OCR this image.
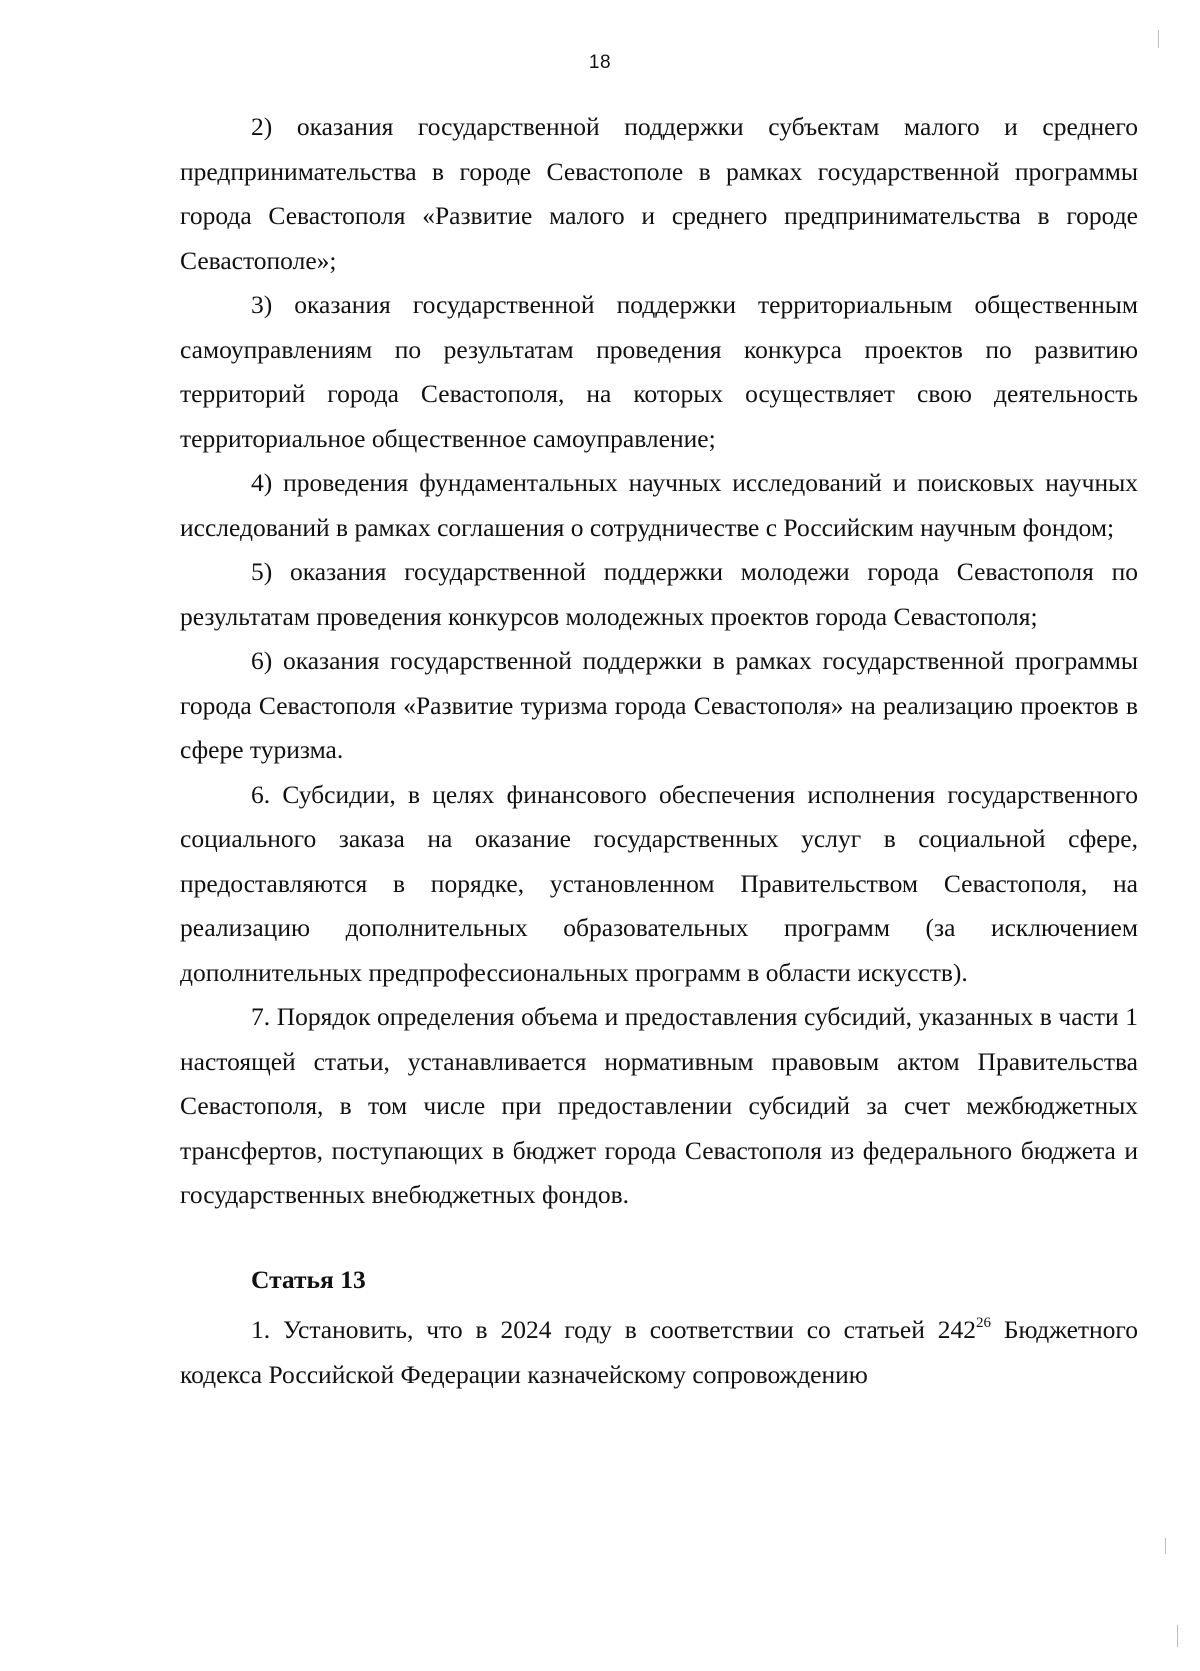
18

2) оказания государственной поддержки субъектам малого и среднего предпринимательства в городе Севастополе в рамках государственной программы города Севастополя «Развитие малого и среднего предпринимательства в городе Севастополе»;

3) оказания государственной поддержки территориальным общественным самоуправлениям по результатам проведения конкурса проектов по развитию территорий города Севастополя, на которых осуществляет свою деятельность территориальное общественное самоуправление;

4) проведения фундаментальных научных исследований и поисковых научных исследований в рамках соглашения о сотрудничестве с Российским научным фондом;

5) оказания государственной поддержки молодежи города Севастополя по результатам проведения конкурсов молодежных проектов города Севастополя;

6) оказания государственной поддержки в рамках государственной программы города Севастополя «Развитие туризма города Севастополя» на реализацию проектов в сфере туризма.

6. Субсидии, в целях финансового обеспечения исполнения государственного социального заказа на оказание государственных услуг в социальной сфере, предоставляются в порядке, установленном Правительством Севастополя, на реализацию дополнительных образовательных программ (за исключением дополнительных предпрофессиональных программ в области искусств).

7. Порядок определения объема и предоставления субсидий, указанных в части 1 настоящей статьи, устанавливается нормативным правовым актом Правительства Севастополя, в том числе при предоставлении субсидий за счет межбюджетных трансфертов, поступающих в бюджет города Севастополя из федерального бюджета и государственных внебюджетных фондов.

Статья 13

1. Установить, что в 2024 году в соответствии со статьей $242^{26}$ Бюджетного кодекса Российской Федерации казначейскому сопровождению
